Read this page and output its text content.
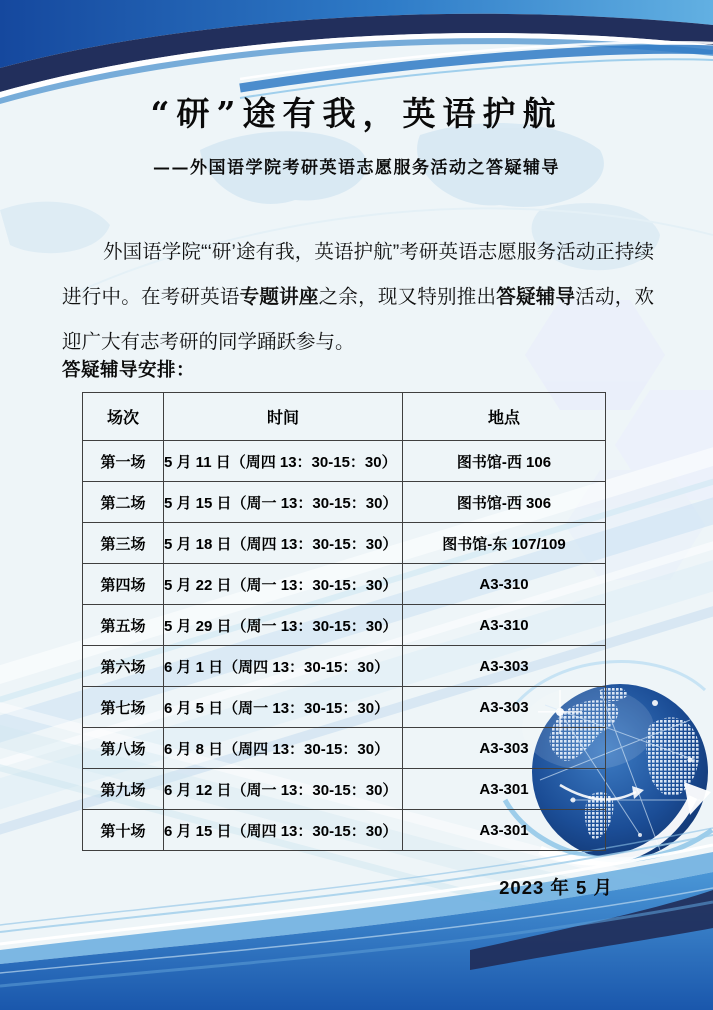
“研”途有我，英语护航
——外国语学院考研英语志愿服务活动之答疑辅导

外国语学院“‘研’途有我，英语护航”考研英语志愿服务活动正持续进行中。在考研英语专题讲座之余，现又特别推出答疑辅导活动，欢迎广大有志考研的同学踊跃参与。

答疑辅导安排：
场次	时间	地点
第一场	5 月 11 日（周四 13：30-15：30）	图书馆-西 106
第二场	5 月 15 日（周一 13：30-15：30）	图书馆-西 306
第三场	5 月 18 日（周四 13：30-15：30）	图书馆-东 107/109
第四场	5 月 22 日（周一 13：30-15：30）	A3-310
第五场	5 月 29 日（周一 13：30-15：30）	A3-310
第六场	6 月 1 日（周四 13：30-15：30）	A3-303
第七场	6 月 5 日（周一 13：30-15：30）	A3-303
第八场	6 月 8 日（周四 13：30-15：30）	A3-303
第九场	6 月 12 日（周一 13：30-15：30）	A3-301
第十场	6 月 15 日（周四 13：30-15：30）	A3-301
2023 年 5 月
